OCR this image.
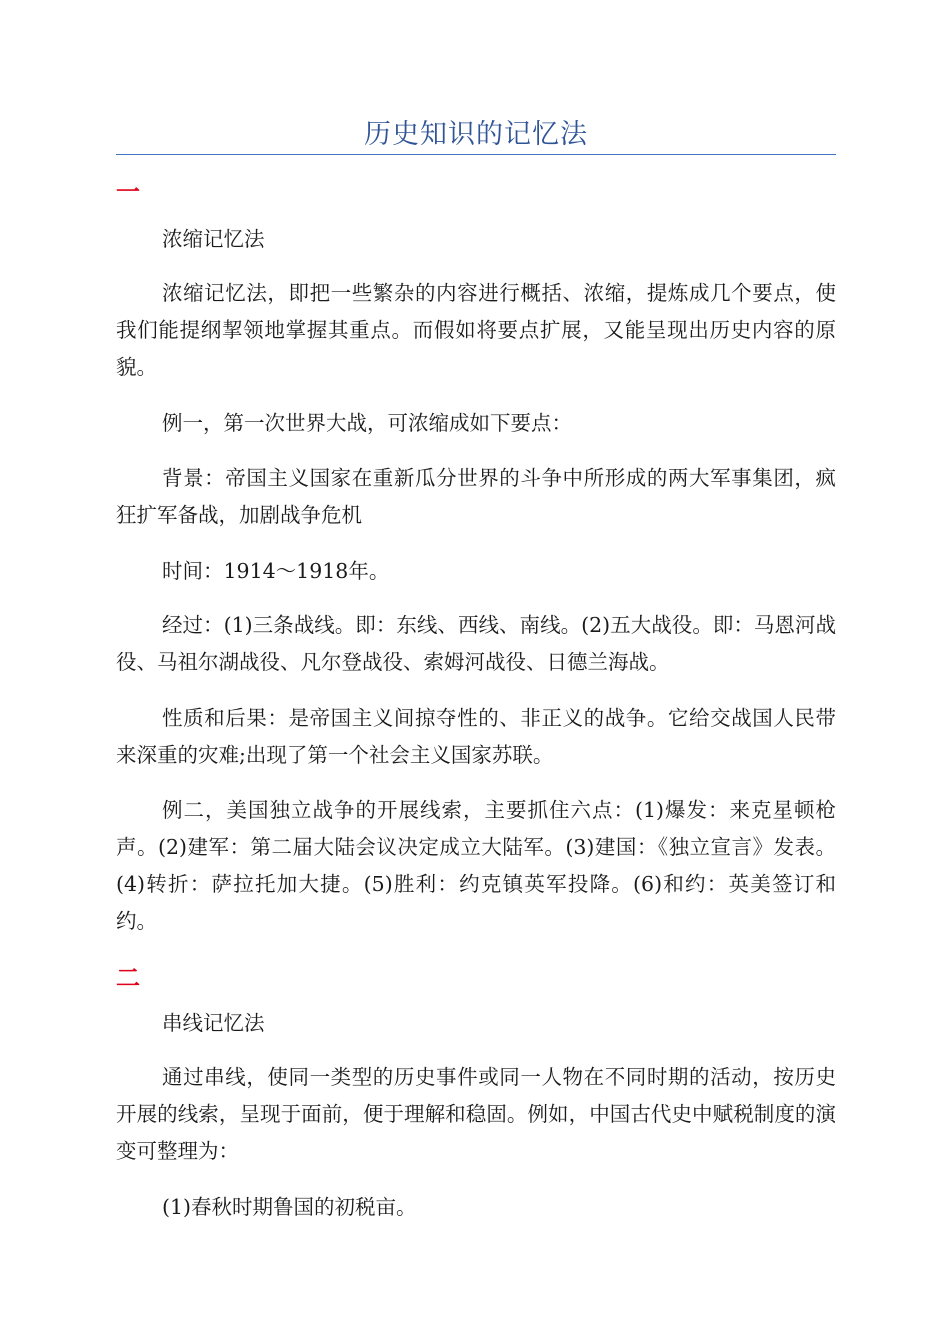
历史知识的记忆法
一

浓缩记忆法

浓缩记忆法，即把一些繁杂的内容进行概括、浓缩，提炼成几个要点，使我们能提纲挈领地掌握其重点。而假如将要点扩展，又能呈现出历史内容的原貌。

例一，第一次世界大战，可浓缩成如下要点：

背景：帝国主义国家在重新瓜分世界的斗争中所形成的两大军事集团，疯狂扩军备战，加剧战争危机

时间：1914～1918年。

经过：(1)三条战线。即：东线、西线、南线。(2)五大战役。即：马恩河战役、马祖尔湖战役、凡尔登战役、索姆河战役、日德兰海战。

性质和后果：是帝国主义间掠夺性的、非正义的战争。它给交战国人民带来深重的灾难;出现了第一个社会主义国家苏联。

例二，美国独立战争的开展线索，主要抓住六点：(1)爆发：来克星顿枪声。(2)建军：第二届大陆会议决定成立大陆军。(3)建国：《独立宣言》发表。(4)转折：萨拉托加大捷。(5)胜利：约克镇英军投降。(6)和约：英美签订和约。

二

串线记忆法

通过串线，使同一类型的历史事件或同一人物在不同时期的活动，按历史开展的线索，呈现于面前，便于理解和稳固。例如，中国古代史中赋税制度的演变可整理为：

(1)春秋时期鲁国的初税亩。
